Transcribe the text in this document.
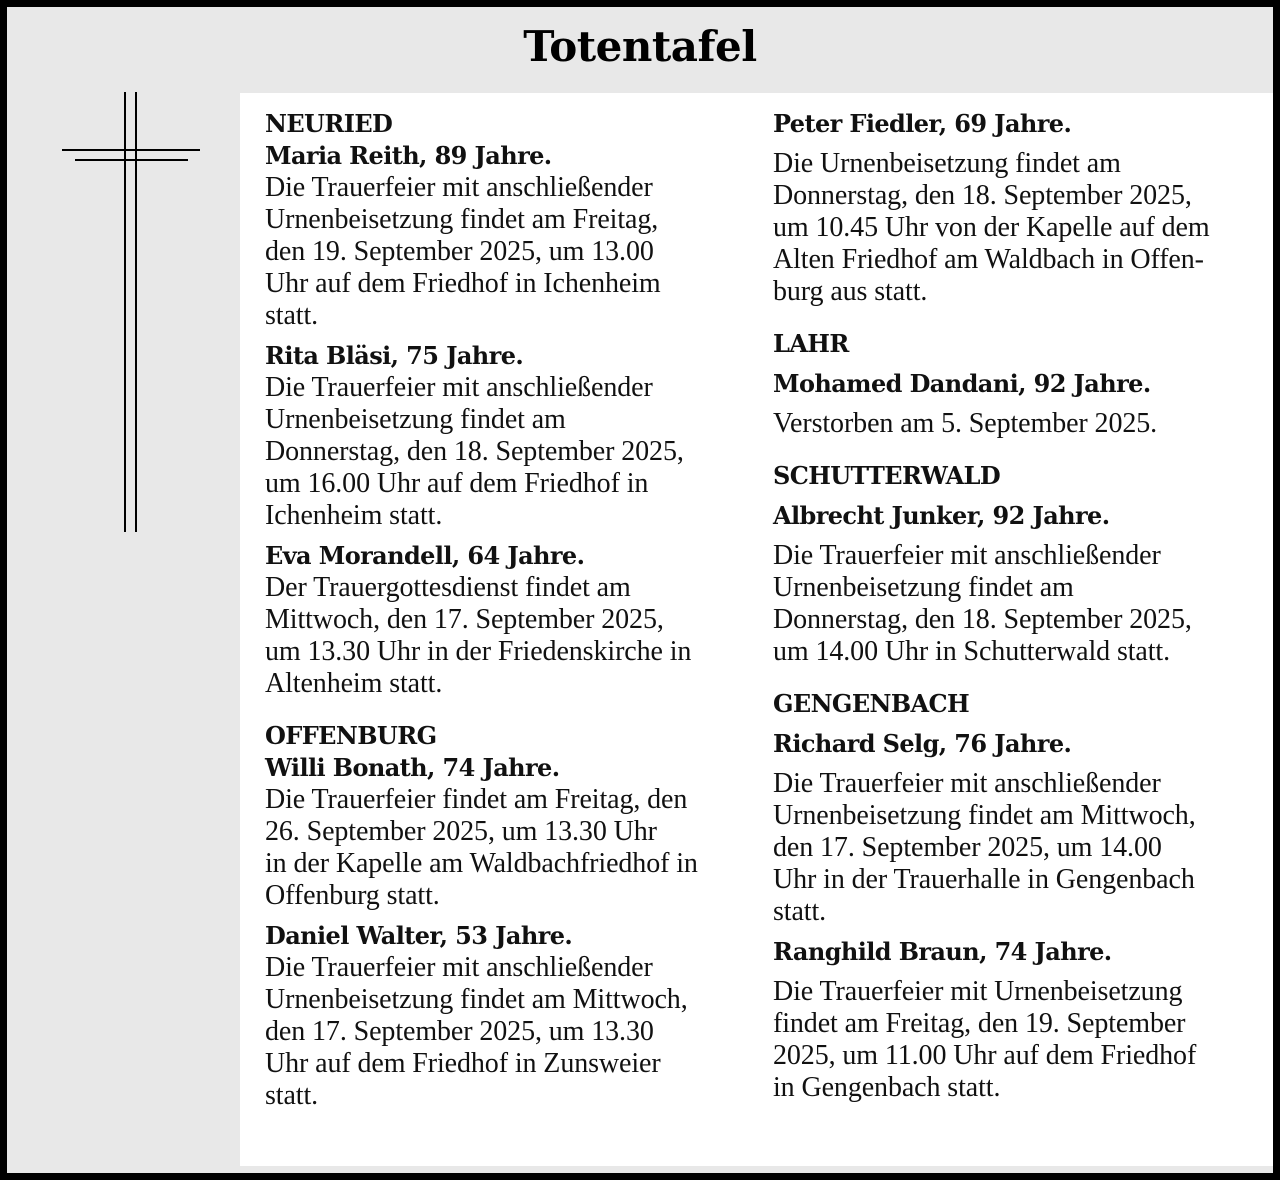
Totentafel
NEURIED
Maria Reith, 89 Jahre.
Die Trauerfeier mit anschließender
Urnenbeisetzung findet am Freitag,
den 19. September 2025, um 13.00
Uhr auf dem Friedhof in Ichenheim
statt.
Rita Bläsi, 75 Jahre.
Die Trauerfeier mit anschließender
Urnenbeisetzung findet am
Donnerstag, den 18. September 2025,
um 16.00 Uhr auf dem Friedhof in
Ichenheim statt.
Eva Morandell, 64 Jahre.
Der Trauergottesdienst findet am
Mittwoch, den 17. September 2025,
um 13.30 Uhr in der Friedenskirche in
Altenheim statt.
OFFENBURG
Willi Bonath, 74 Jahre.
Die Trauerfeier findet am Freitag, den
26. September 2025, um 13.30 Uhr
in der Kapelle am Waldbachfriedhof in
Offenburg statt.
Daniel Walter, 53 Jahre.
Die Trauerfeier mit anschließender
Urnenbeisetzung findet am Mittwoch,
den 17. September 2025, um 13.30
Uhr auf dem Friedhof in Zunsweier
statt.
Peter Fiedler, 69 Jahre.
Die Urnenbeisetzung findet am
Donnerstag, den 18. September 2025,
um 10.45 Uhr von der Kapelle auf dem
Alten Friedhof am Waldbach in Offen-
burg aus statt.
LAHR
Mohamed Dandani, 92 Jahre.
Verstorben am 5. September 2025.
SCHUTTERWALD
Albrecht Junker, 92 Jahre.
Die Trauerfeier mit anschließender
Urnenbeisetzung findet am
Donnerstag, den 18. September 2025,
um 14.00 Uhr in Schutterwald statt.
GENGENBACH
Richard Selg, 76 Jahre.
Die Trauerfeier mit anschließender
Urnenbeisetzung findet am Mittwoch,
den 17. September 2025, um 14.00
Uhr in der Trauerhalle in Gengenbach
statt.
Ranghild Braun, 74 Jahre.
Die Trauerfeier mit Urnenbeisetzung
findet am Freitag, den 19. September
2025, um 11.00 Uhr auf dem Friedhof
in Gengenbach statt.
